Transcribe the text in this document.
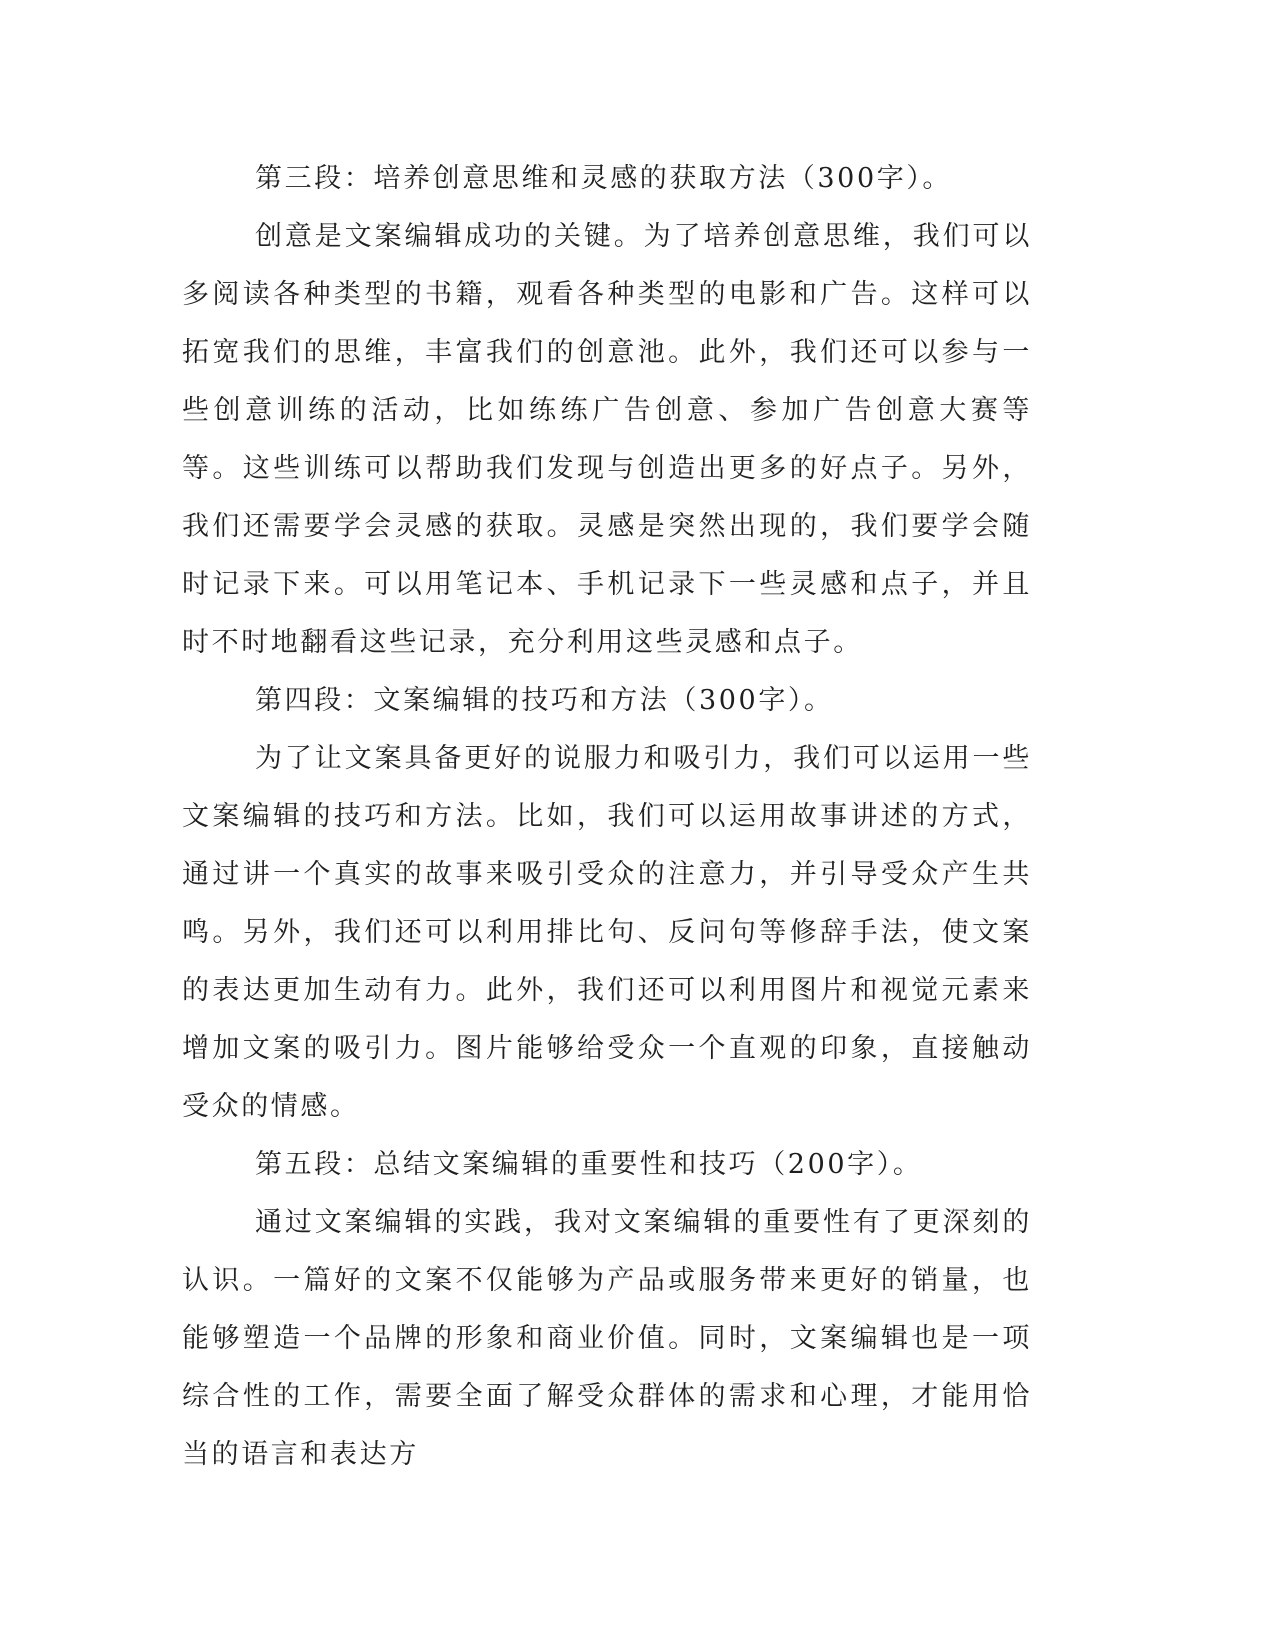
第三段：培养创意思维和灵感的获取方法（300字）。

创意是文案编辑成功的关键。为了培养创意思维，我们可以多阅读各种类型的书籍，观看各种类型的电影和广告。这样可以拓宽我们的思维，丰富我们的创意池。此外，我们还可以参与一些创意训练的活动，比如练练广告创意、参加广告创意大赛等等。这些训练可以帮助我们发现与创造出更多的好点子。另外，我们还需要学会灵感的获取。灵感是突然出现的，我们要学会随时记录下来。可以用笔记本、手机记录下一些灵感和点子，并且时不时地翻看这些记录，充分利用这些灵感和点子。

第四段：文案编辑的技巧和方法（300字）。

为了让文案具备更好的说服力和吸引力，我们可以运用一些文案编辑的技巧和方法。比如，我们可以运用故事讲述的方式，通过讲一个真实的故事来吸引受众的注意力，并引导受众产生共鸣。另外，我们还可以利用排比句、反问句等修辞手法，使文案的表达更加生动有力。此外，我们还可以利用图片和视觉元素来增加文案的吸引力。图片能够给受众一个直观的印象，直接触动受众的情感。

第五段：总结文案编辑的重要性和技巧（200字）。

通过文案编辑的实践，我对文案编辑的重要性有了更深刻的认识。一篇好的文案不仅能够为产品或服务带来更好的销量，也能够塑造一个品牌的形象和商业价值。同时，文案编辑也是一项综合性的工作，需要全面了解受众群体的需求和心理，才能用恰当的语言和表达方
